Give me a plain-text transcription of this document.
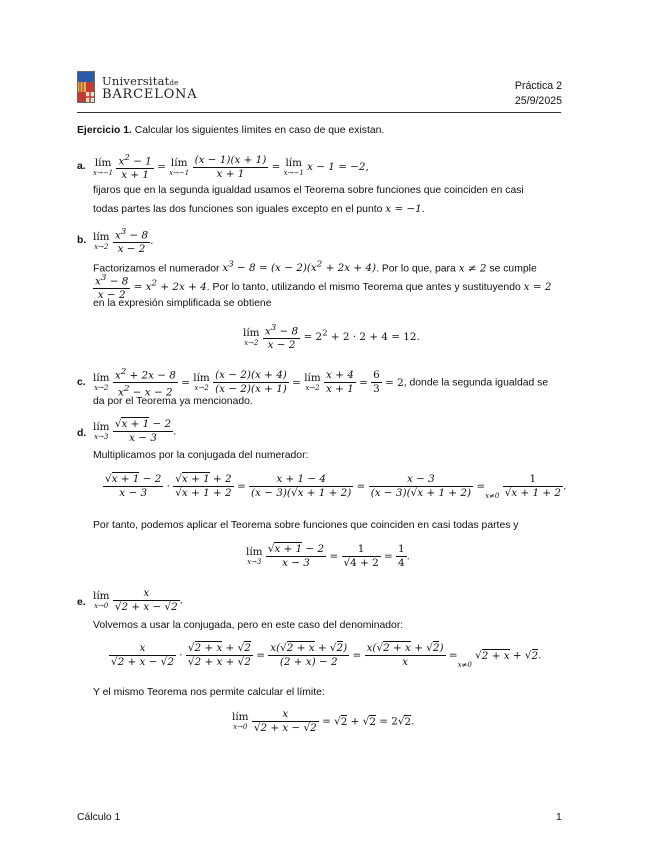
Universitatde
BARCELONA
Práctica 2
25/9/2025
Ejercicio 1. Calcular los siguientes límites en caso de que existan.
a. lím
x→−1
$\frac{x^2 - 1}{x + 1}$ = lím
x→−1
$\frac{(x - 1)(x + 1)}{x + 1}$ = lím
x→−1 x − 1 = −2,
fijaros que en la segunda igualdad usamos el Teorema sobre funciones que coinciden en casi
todas partes las dos funciones son iguales excepto en el punto x = −1.
b. lím
x→2
$\frac{x^3 - 8}{x - 2}$ .
Factorizamos el numerador $x^3 - 8 = (x - 2)(x^2 + 2x + 4)$. Por lo que, para x ≠ 2 se cumple
$\frac{x^3 - 8}{x - 2} = x^2 + 2x + 4$. Por lo tanto, utilizando el mismo Teorema que antes y sustituyendo x = 2
en la expresión simplificada se obtiene
lím
x→2
$\frac{x^3 - 8}{x - 2} = 2^2 + 2 \cdot 2 + 4 = 12$.
c. lím
x→2
$\frac{x^2 + 2x - 8}{x^2 - x - 2}$ = lím
x→2
$\frac{(x - 2)(x + 4)}{(x - 2)(x + 1)}$ = lím
x→2
$\frac{x + 4}{x + 1} = \frac{6}{3} = 2$, donde la segunda igualdad se
da por el Teorema ya mencionado.
d.
lím
x→3
$\frac{√x + 1 - 2}{x - 3}$ .
Multiplicamos por la conjugada del numerador:
$\frac{√x + 1 - 2}{x - 3} \cdot \frac{√x + 1 + 2}{√x + 1 + 2} = \frac{x + 1 - 4}{(x - 3)(√x + 1 + 2)} = \frac{x - 3}{(x - 3)(√x + 1 + 2)} =x\ne 0 \frac{1}{√x + 1 + 2}$ .
Por tanto, podemos aplicar el Teorema sobre funciones que coinciden en casi todas partes y
lím
x→3
$\frac{√x + 1 - 2}{x - 3} = \frac{1}{√4 + 2} = \frac{1}{4}$ .
e.
lím
x→0
$\frac{x}{√2 + x - √2}$ .
Volvemos a usar la conjugada, pero en este caso del denominador:
$\frac{x}{√2 + x - √2} \cdot \frac{√2 + x + √2}{√2 + x + √2} = \frac{x(√2 + x + √2)}{(2 + x) - 2} = \frac{x(√2 + x + √2)}{x} =x\ne 0$ √2 + x + √2.
Y el mismo Teorema nos permite calcular el límite:
lím
x→0
$\frac{x}{√2 + x - √2} = √2 + √2 = 2√2$.
Cálculo 1	1
